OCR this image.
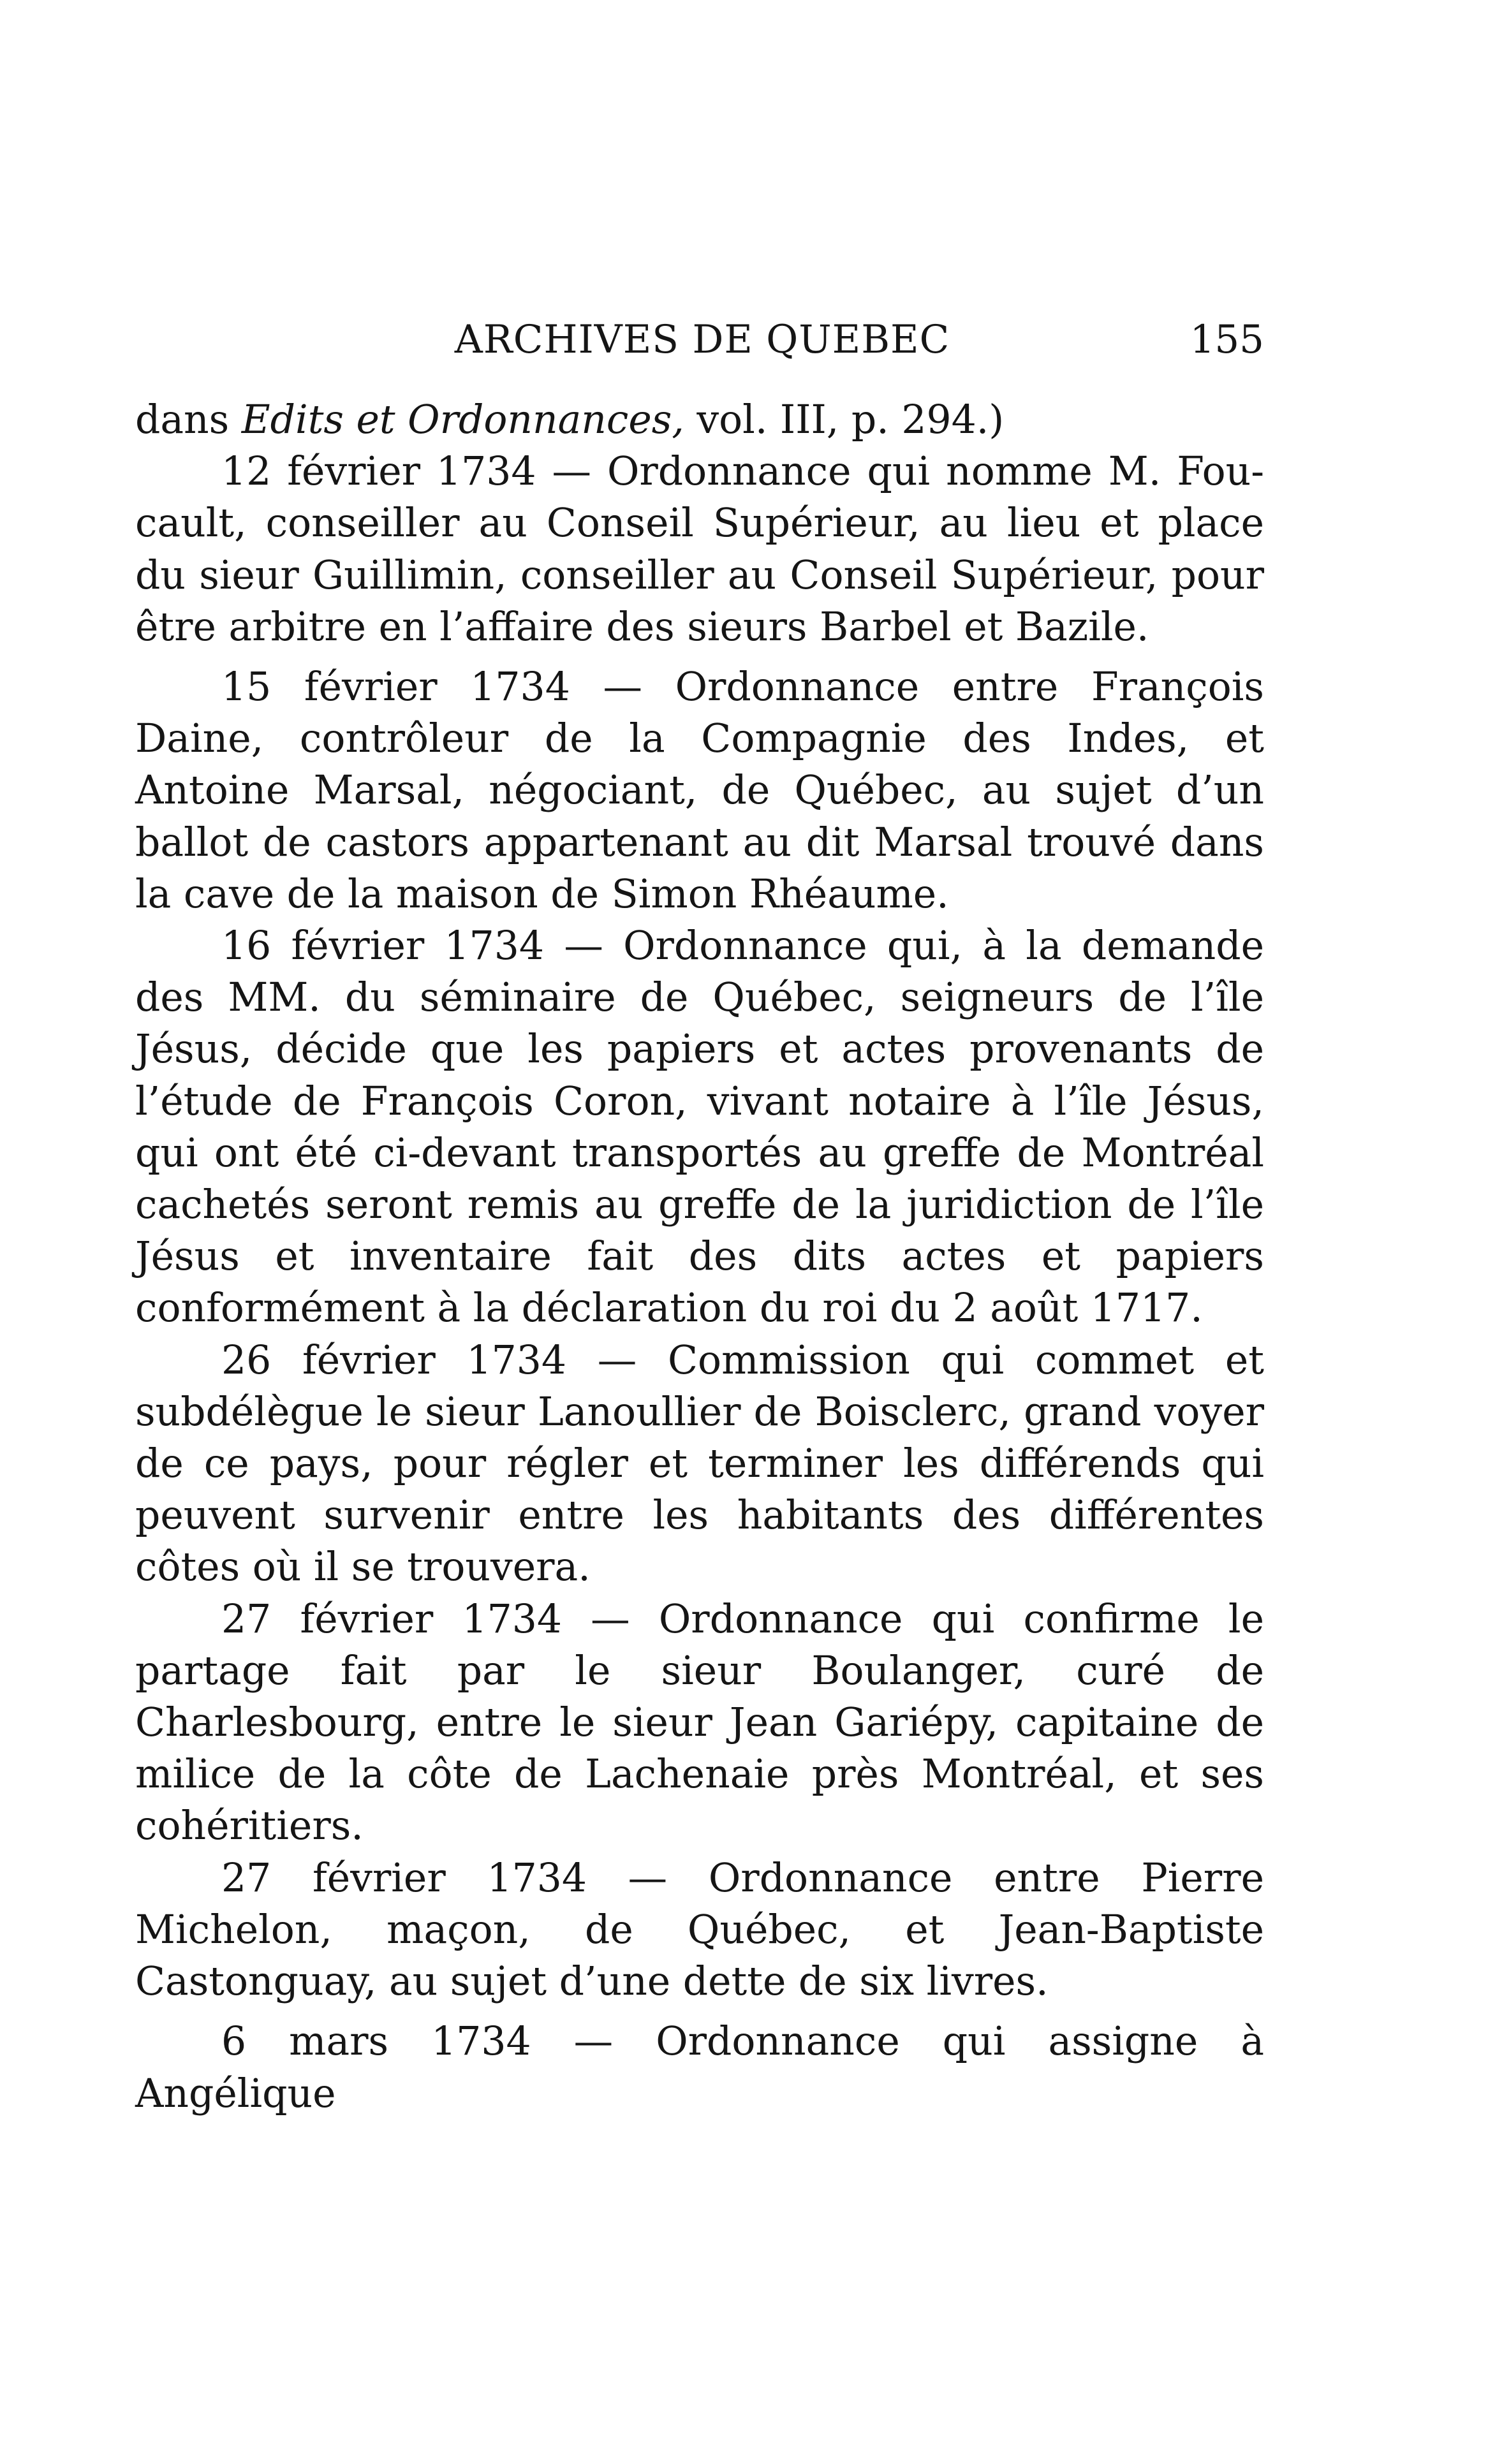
ARCHIVES DE QUEBEC	155

dans Edits et Ordonnances, vol. III, p. 294.)

12 février 1734 — Ordonnance qui nomme M. Foucault, conseiller au Conseil Supérieur, au lieu et place du sieur Guillimin, conseiller au Conseil Supérieur, pour être arbitre en l’affaire des sieurs Barbel et Bazile.

15 février 1734 — Ordonnance entre François Daine, contrôleur de la Compagnie des Indes, et Antoine Marsal, négociant, de Québec, au sujet d’un ballot de castors appartenant au dit Marsal trouvé dans la cave de la maison de Simon Rhéaume.

16 février 1734 — Ordonnance qui, à la demande des MM. du séminaire de Québec, seigneurs de l’île Jésus, décide que les papiers et actes provenants de l’étude de François Coron, vivant notaire à l’île Jésus, qui ont été ci-devant transportés au greffe de Montréal cachetés seront remis au greffe de la juridiction de l’île Jésus et inventaire fait des dits actes et papiers conformément à la déclaration du roi du 2 août 1717.

26 février 1734 — Commission qui commet et subdélègue le sieur Lanoullier de Boisclerc, grand voyer de ce pays, pour régler et terminer les différends qui peuvent survenir entre les habitants des différentes côtes où il se trouvera.

27 février 1734 — Ordonnance qui confirme le partage fait par le sieur Boulanger, curé de Charlesbourg, entre le sieur Jean Gariépy, capitaine de milice de la côte de Lachenaie près Montréal, et ses cohéritiers.

27 février 1734 — Ordonnance entre Pierre Michelon, maçon, de Québec, et Jean-Baptiste Castonguay, au sujet d’une dette de six livres.

6 mars 1734 — Ordonnance qui assigne à Angélique
